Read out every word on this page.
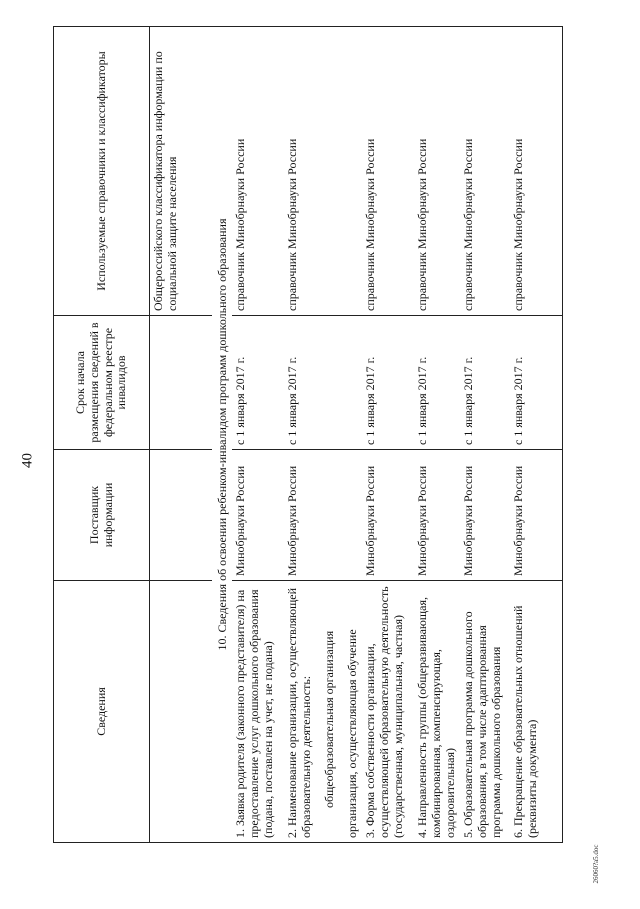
40
26060?a5.doc
Сведения	Поставщик информации	Срок начала размещения сведений в федеральном реестре инвалидов	Используемые справочники и классификаторы

			Общероссийского классификатора информации по социальной защите населения

10. Сведения об освоении ребенком-инвалидом программ дошкольного образования			
1. Заявка родителя (законного представителя) на предоставление услуг дошкольного образования (подана, поставлен на учет, не подана)	Минобрнауки России	с 1 января 2017 г.	справочник Минобрнауки России

2. Наименование организации, осуществляющей образовательную деятельность: общеобразовательная организация организация, осуществляющая обучение	Минобрнауки России	с 1 января 2017 г.	справочник Минобрнауки России
3. Форма собственности организации, осуществляющей образовательную деятельность (государственная, муниципальная, частная)	Минобрнауки России	с 1 января 2017 г.	справочник Минобрнауки России
4. Направленность группы (общеразвивающая, комбинированная, компенсирующая, оздоровительная)	Минобрнауки России	с 1 января 2017 г.	справочник Минобрнауки России
5. Образовательная программа дошкольного образования, в том числе адаптированная программа дошкольного образования	Минобрнауки России	с 1 января 2017 г.	справочник Минобрнауки России
6. Прекращение образовательных отношений (реквизиты документа)	Минобрнауки России	с 1 января 2017 г.	справочник Минобрнауки России
